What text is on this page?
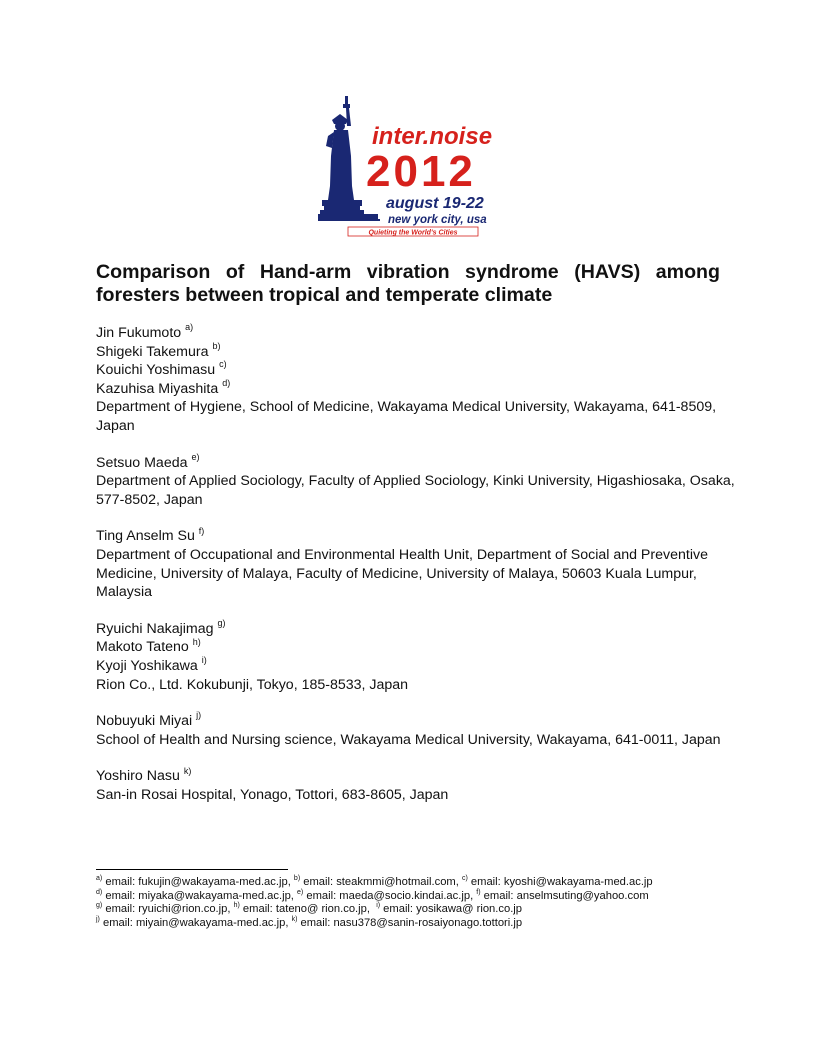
inter.noise
2012
august 19-22
new york city, usa
Quieting the World's Cities
Comparison of Hand-arm vibration syndrome (HAVS) among foresters between tropical and temperate climate
Jin Fukumoto $^{a)}$
Shigeki Takemura $^{b)}$
Kouichi Yoshimasu $^{c)}$
Kazuhisa Miyashita $^{d)}$
Department of Hygiene, School of Medicine, Wakayama Medical University, Wakayama, 641-8509, Japan
Setsuo Maeda $^{e)}$
Department of Applied Sociology, Faculty of Applied Sociology, Kinki University, Higashiosaka, Osaka, 577-8502, Japan
Ting Anselm Su $^{f)}$
Department of Occupational and Environmental Health Unit, Department of Social and Preventive Medicine, University of Malaya, Faculty of Medicine, University of Malaya, 50603 Kuala Lumpur, Malaysia
Ryuichi Nakajimag $^{g)}$
Makoto Tateno $^{h)}$
Kyoji Yoshikawa $^{i)}$
Rion Co., Ltd. Kokubunji, Tokyo, 185-8533, Japan
Nobuyuki Miyai $^{j)}$
School of Health and Nursing science, Wakayama Medical University, Wakayama, 641-0011, Japan
Yoshiro Nasu $^{k)}$
San-in Rosai Hospital, Yonago, Tottori, 683-8605, Japan
$^{a)}$ email: fukujin@wakayama-med.ac.jp, $^{b)}$ email: steakmmi@hotmail.com, $^{c)}$ email: kyoshi@wakayama-med.ac.jp
$^{d)}$ email: miyaka@wakayama-med.ac.jp, $^{e)}$ email: maeda@socio.kindai.ac.jp, $^{f)}$ email: anselmsuting@yahoo.com
$^{g)}$ email: ryuichi@rion.co.jp, $^{h)}$ email: tateno@ rion.co.jp,  $^{i)}$ email: yosikawa@ rion.co.jp
$^{j)}$ email: miyain@wakayama-med.ac.jp, $^{k)}$ email: nasu378@sanin-rosaiyonago.tottori.jp
